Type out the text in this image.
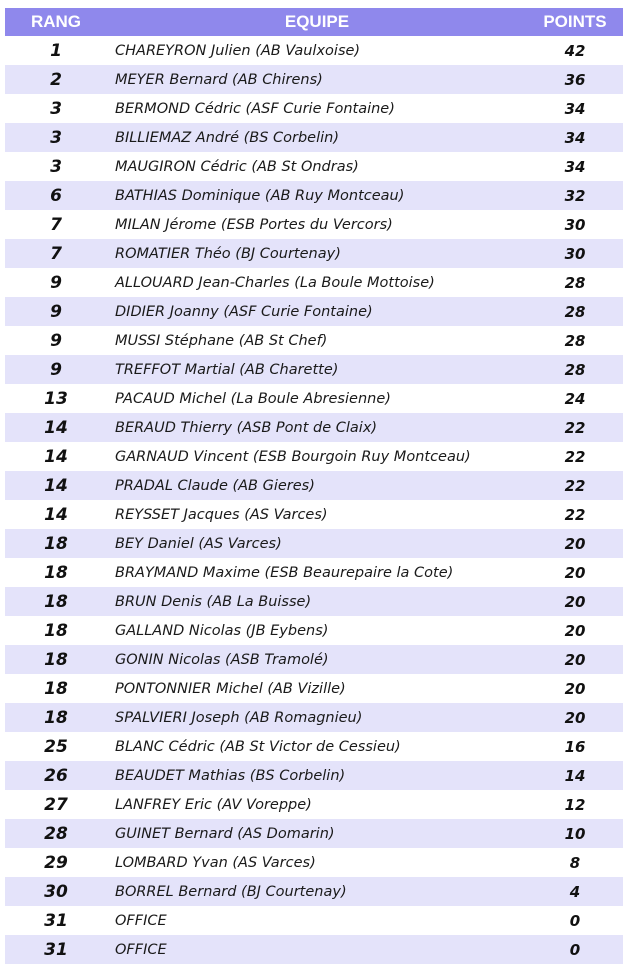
RANG	EQUIPE	POINTS
1	CHAREYRON Julien (AB Vaulxoise)	42
2	MEYER Bernard (AB Chirens)	36
3	BERMOND Cédric (ASF Curie Fontaine)	34
3	BILLIEMAZ André (BS Corbelin)	34
3	MAUGIRON Cédric (AB St Ondras)	34
6	BATHIAS Dominique (AB Ruy Montceau)	32
7	MILAN Jérome (ESB Portes du Vercors)	30
7	ROMATIER Théo (BJ Courtenay)	30
9	ALLOUARD Jean-Charles (La Boule Mottoise)	28
9	DIDIER Joanny (ASF Curie Fontaine)	28
9	MUSSI Stéphane (AB St Chef)	28
9	TREFFOT Martial (AB Charette)	28
13	PACAUD Michel (La Boule Abresienne)	24
14	BERAUD Thierry (ASB Pont de Claix)	22
14	GARNAUD Vincent (ESB Bourgoin Ruy Montceau)	22
14	PRADAL Claude (AB Gieres)	22
14	REYSSET Jacques (AS Varces)	22
18	BEY Daniel (AS Varces)	20
18	BRAYMAND Maxime (ESB Beaurepaire la Cote)	20
18	BRUN Denis (AB La Buisse)	20
18	GALLAND Nicolas (JB Eybens)	20
18	GONIN Nicolas (ASB Tramolé)	20
18	PONTONNIER Michel (AB Vizille)	20
18	SPALVIERI Joseph (AB Romagnieu)	20
25	BLANC Cédric (AB St Victor de Cessieu)	16
26	BEAUDET Mathias (BS Corbelin)	14
27	LANFREY Eric (AV Voreppe)	12
28	GUINET Bernard (AS Domarin)	10
29	LOMBARD Yvan (AS Varces)	8
30	BORREL Bernard (BJ Courtenay)	4
31	OFFICE	0
31	OFFICE	0
